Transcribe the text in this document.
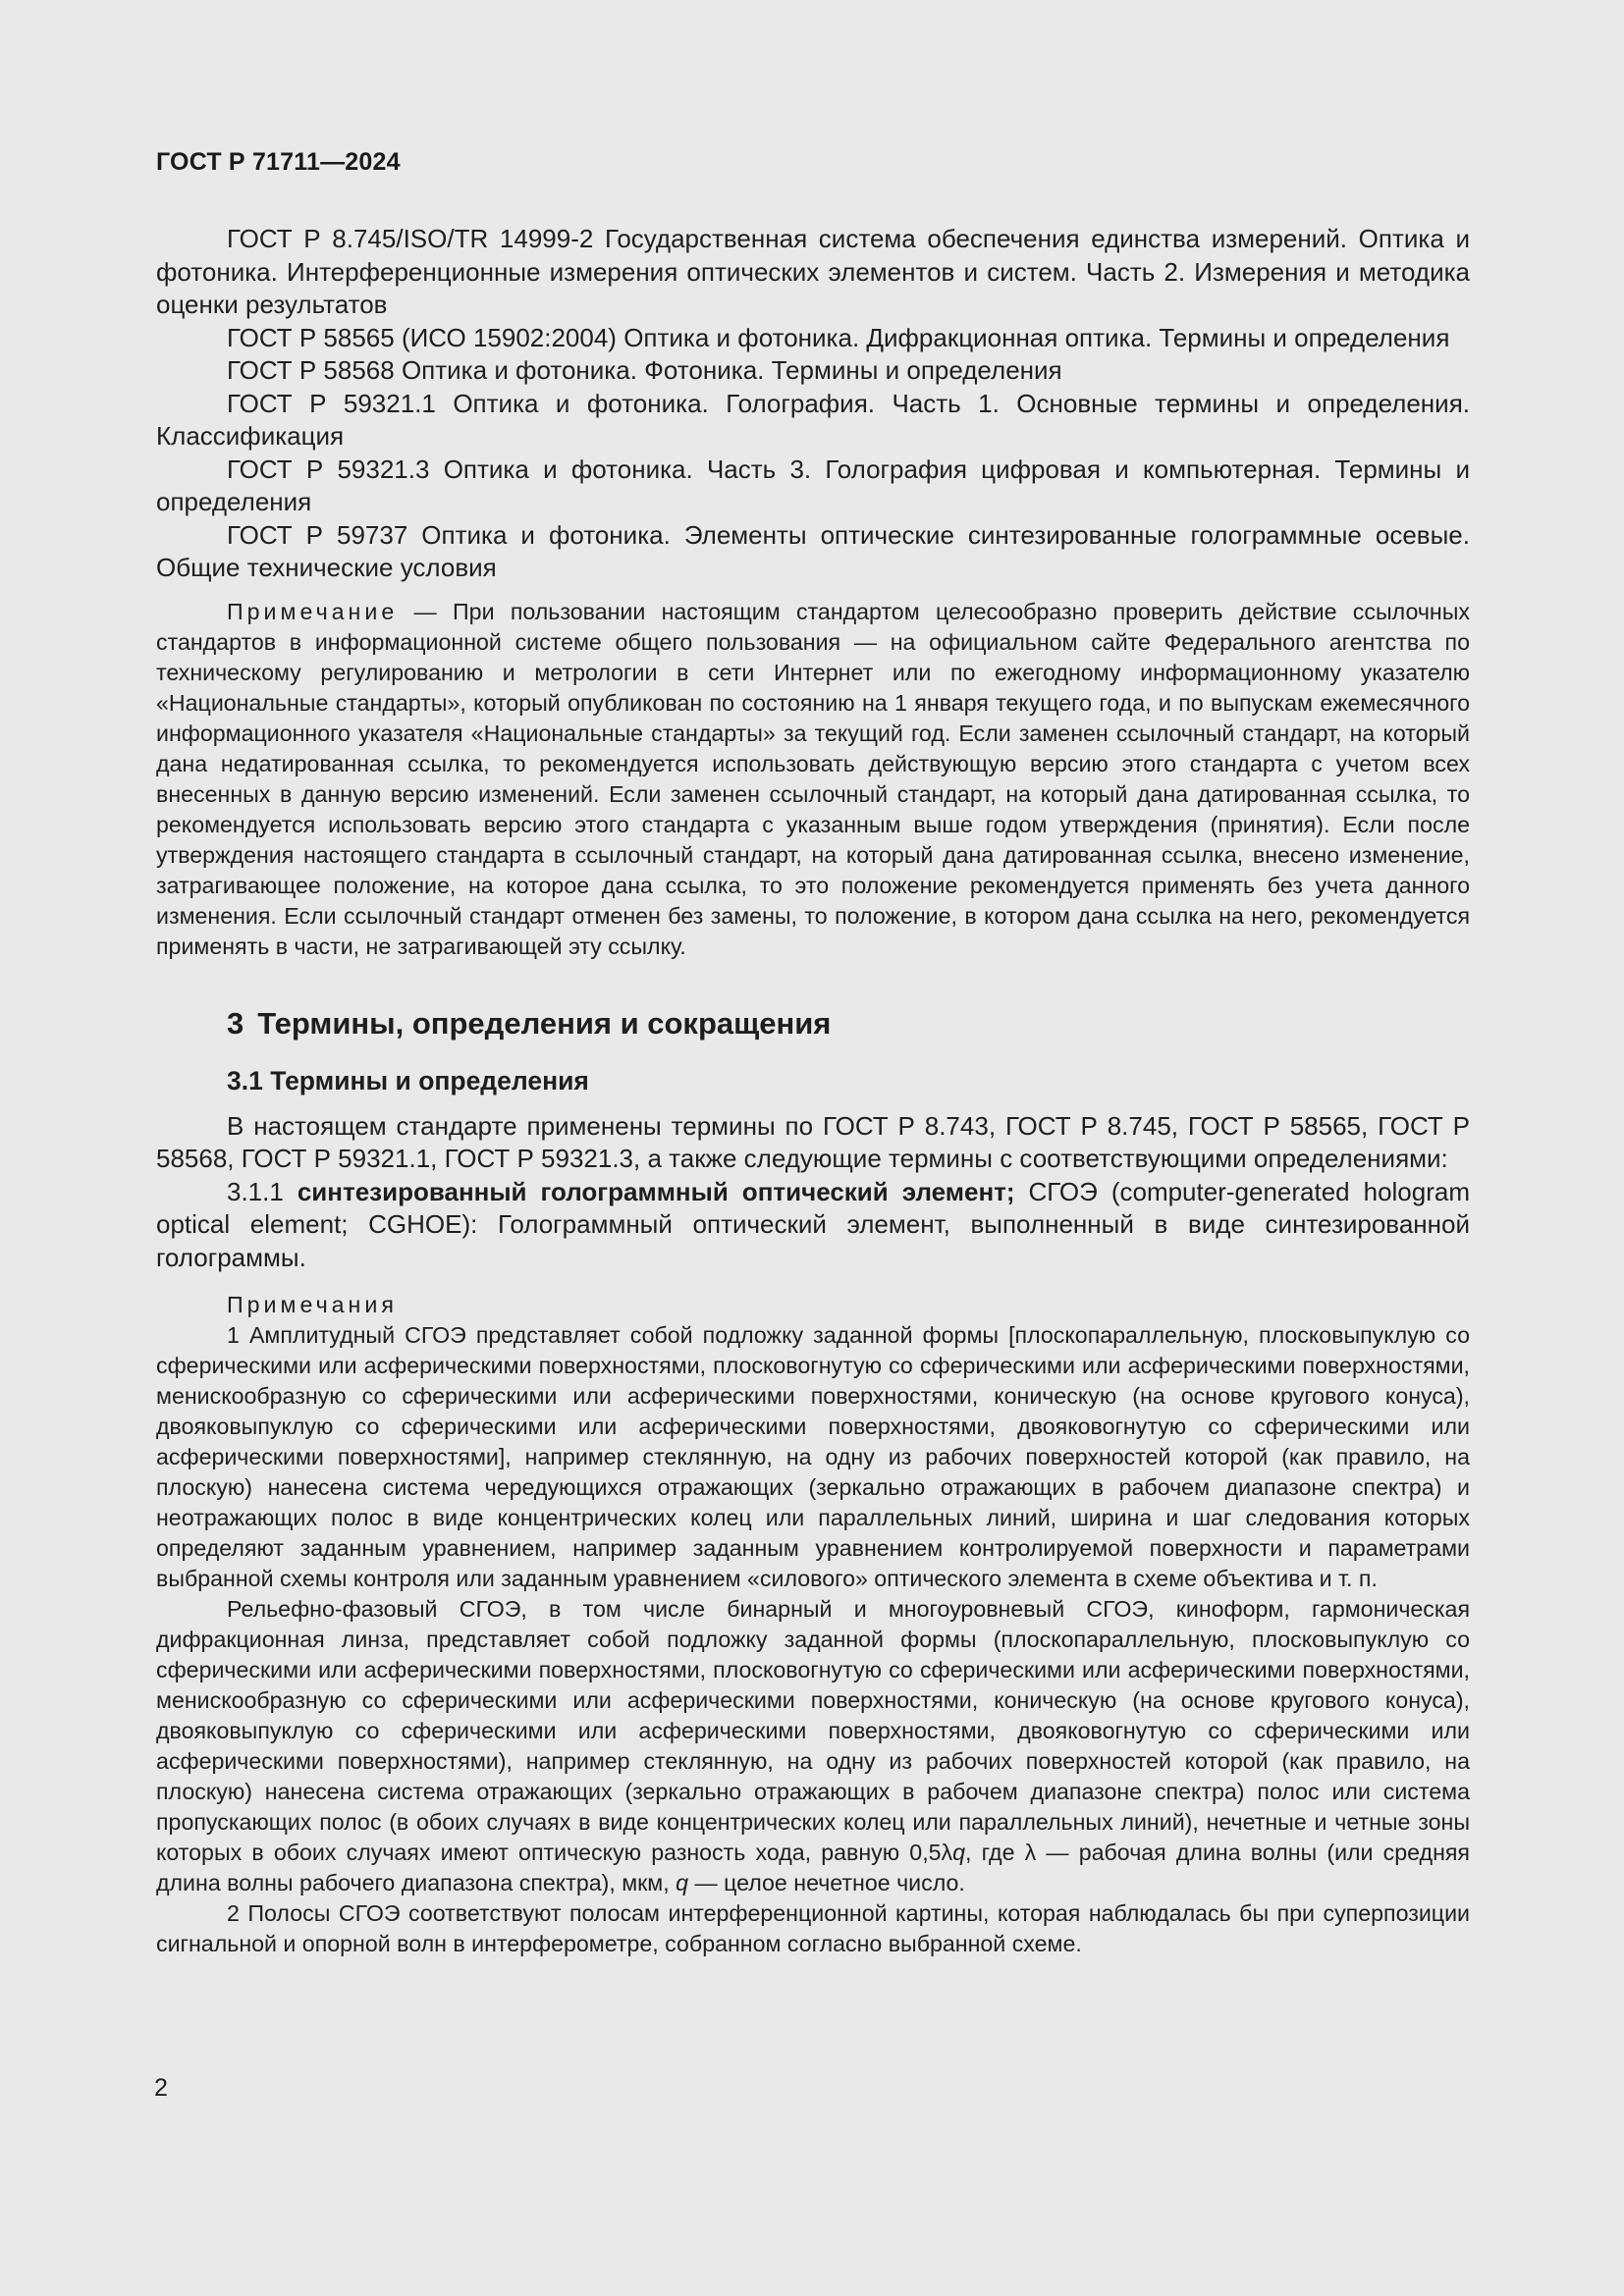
ГОСТ Р 71711—2024

ГОСТ Р 8.745/ISO/TR 14999-2 Государственная система обеспечения единства измерений. Оптика и фотоника. Интерференционные измерения оптических элементов и систем. Часть 2. Измерения и методика оценки результатов

ГОСТ Р 58565 (ИСО 15902:2004) Оптика и фотоника. Дифракционная оптика. Термины и определения

ГОСТ Р 58568 Оптика и фотоника. Фотоника. Термины и определения

ГОСТ Р 59321.1 Оптика и фотоника. Голография. Часть 1. Основные термины и определения. Классификация

ГОСТ Р 59321.3 Оптика и фотоника. Часть 3. Голография цифровая и компьютерная. Термины и определения

ГОСТ Р 59737 Оптика и фотоника. Элементы оптические синтезированные голограммные осевые. Общие технические условия

Примечание — При пользовании настоящим стандартом целесообразно проверить действие ссылочных стандартов в информационной системе общего пользования — на официальном сайте Федерального агентства по техническому регулированию и метрологии в сети Интернет или по ежегодному информационному указателю «Национальные стандарты», который опубликован по состоянию на 1 января текущего года, и по выпускам ежемесячного информационного указателя «Национальные стандарты» за текущий год. Если заменен ссылочный стандарт, на который дана недатированная ссылка, то рекомендуется использовать действующую версию этого стандарта с учетом всех внесенных в данную версию изменений. Если заменен ссылочный стандарт, на который дана датированная ссылка, то рекомендуется использовать версию этого стандарта с указанным выше годом утверждения (принятия). Если после утверждения настоящего стандарта в ссылочный стандарт, на который дана датированная ссылка, внесено изменение, затрагивающее положение, на которое дана ссылка, то это положение рекомендуется применять без учета данного изменения. Если ссылочный стандарт отменен без замены, то положение, в котором дана ссылка на него, рекомендуется применять в части, не затрагивающей эту ссылку.

3 Термины, определения и сокращения
3.1 Термины и определения

В настоящем стандарте применены термины по ГОСТ Р 8.743, ГОСТ Р 8.745, ГОСТ Р 58565, ГОСТ Р 58568, ГОСТ Р 59321.1, ГОСТ Р 59321.3, а также следующие термины с соответствующими определениями:

3.1.1 синтезированный голограммный оптический элемент; СГОЭ (computer-generated hologram optical element; CGHOE): Голограммный оптический элемент, выполненный в виде синтезированной голограммы.

Примечания

1 Амплитудный СГОЭ представляет собой подложку заданной формы [плоскопараллельную, плосковыпуклую со сферическими или асферическими поверхностями, плосковогнутую со сферическими или асферическими поверхностями, менискообразную со сферическими или асферическими поверхностями, коническую (на основе кругового конуса), двояковыпуклую со сферическими или асферическими поверхностями, двояковогнутую со сферическими или асферическими поверхностями], например стеклянную, на одну из рабочих поверхностей которой (как правило, на плоскую) нанесена система чередующихся отражающих (зеркально отражающих в рабочем диапазоне спектра) и неотражающих полос в виде концентрических колец или параллельных линий, ширина и шаг следования которых определяют заданным уравнением, например заданным уравнением контролируемой поверхности и параметрами выбранной схемы контроля или заданным уравнением «силового» оптического элемента в схеме объектива и т. п.

Рельефно-фазовый СГОЭ, в том числе бинарный и многоуровневый СГОЭ, киноформ, гармоническая дифракционная линза, представляет собой подложку заданной формы (плоскопараллельную, плосковыпуклую со сферическими или асферическими поверхностями, плосковогнутую со сферическими или асферическими поверхностями, менискообразную со сферическими или асферическими поверхностями, коническую (на основе кругового конуса), двояковыпуклую со сферическими или асферическими поверхностями, двояковогнутую со сферическими или асферическими поверхностями), например стеклянную, на одну из рабочих поверхностей которой (как правило, на плоскую) нанесена система отражающих (зеркально отражающих в рабочем диапазоне спектра) полос или система пропускающих полос (в обоих случаях в виде концентрических колец или параллельных линий), нечетные и четные зоны которых в обоих случаях имеют оптическую разность хода, равную 0,5λq, где λ — рабочая длина волны (или средняя длина волны рабочего диапазона спектра), мкм, q — целое нечетное число.

2 Полосы СГОЭ соответствуют полосам интерференционной картины, которая наблюдалась бы при суперпозиции сигнальной и опорной волн в интерферометре, собранном согласно выбранной схеме.

2
